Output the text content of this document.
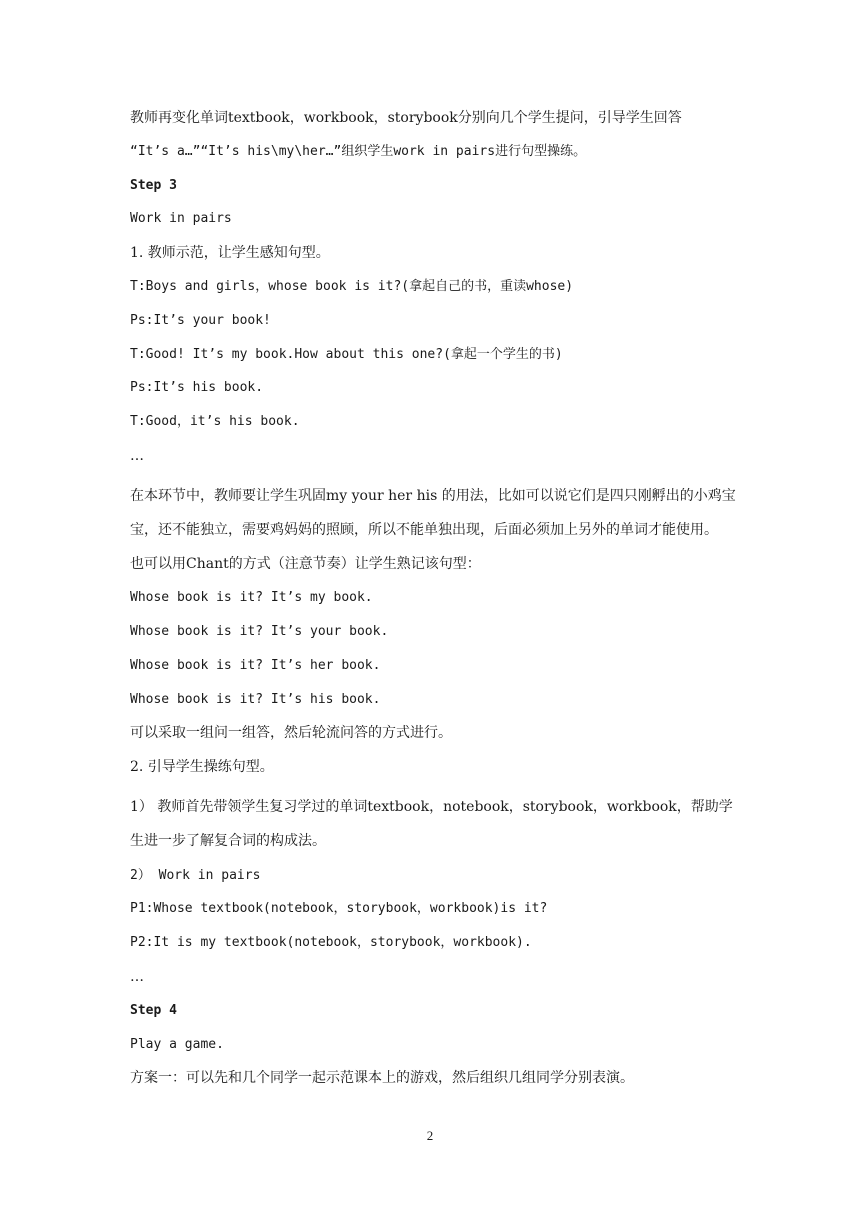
教师再变化单词textbook，workbook，storybook分别向几个学生提问，引导学生回答
“It’s a…”“It’s his\my\her…”组织学生work in pairs进行句型操练。
Step 3
Work in pairs
1. 教师示范，让学生感知句型。
T:Boys and girls，whose book is it?(拿起自己的书，重读whose)
Ps:It’s your book!
T:Good! It’s my book.How about this one?(拿起一个学生的书)
Ps:It’s his book.
T:Good，it’s his book.
…
在本环节中，教师要让学生巩固my your her his 的用法，比如可以说它们是四只刚孵出的小鸡宝宝，还不能独立，需要鸡妈妈的照顾，所以不能单独出现，后面必须加上另外的单词才能使用。
也可以用Chant的方式（注意节奏）让学生熟记该句型：
Whose book is it? It’s my book.
Whose book is it? It’s your book.
Whose book is it? It’s her book.
Whose book is it? It’s his book.
可以采取一组问一组答，然后轮流问答的方式进行。
2. 引导学生操练句型。
1） 教师首先带领学生复习学过的单词textbook，notebook，storybook，workbook，帮助学生进一步了解复合词的构成法。
2） Work in pairs
P1:Whose textbook(notebook，storybook，workbook)is it?
P2:It is my textbook(notebook，storybook，workbook).
…
Step 4
Play a game.
方案一：可以先和几个同学一起示范课本上的游戏，然后组织几组同学分别表演。
2
